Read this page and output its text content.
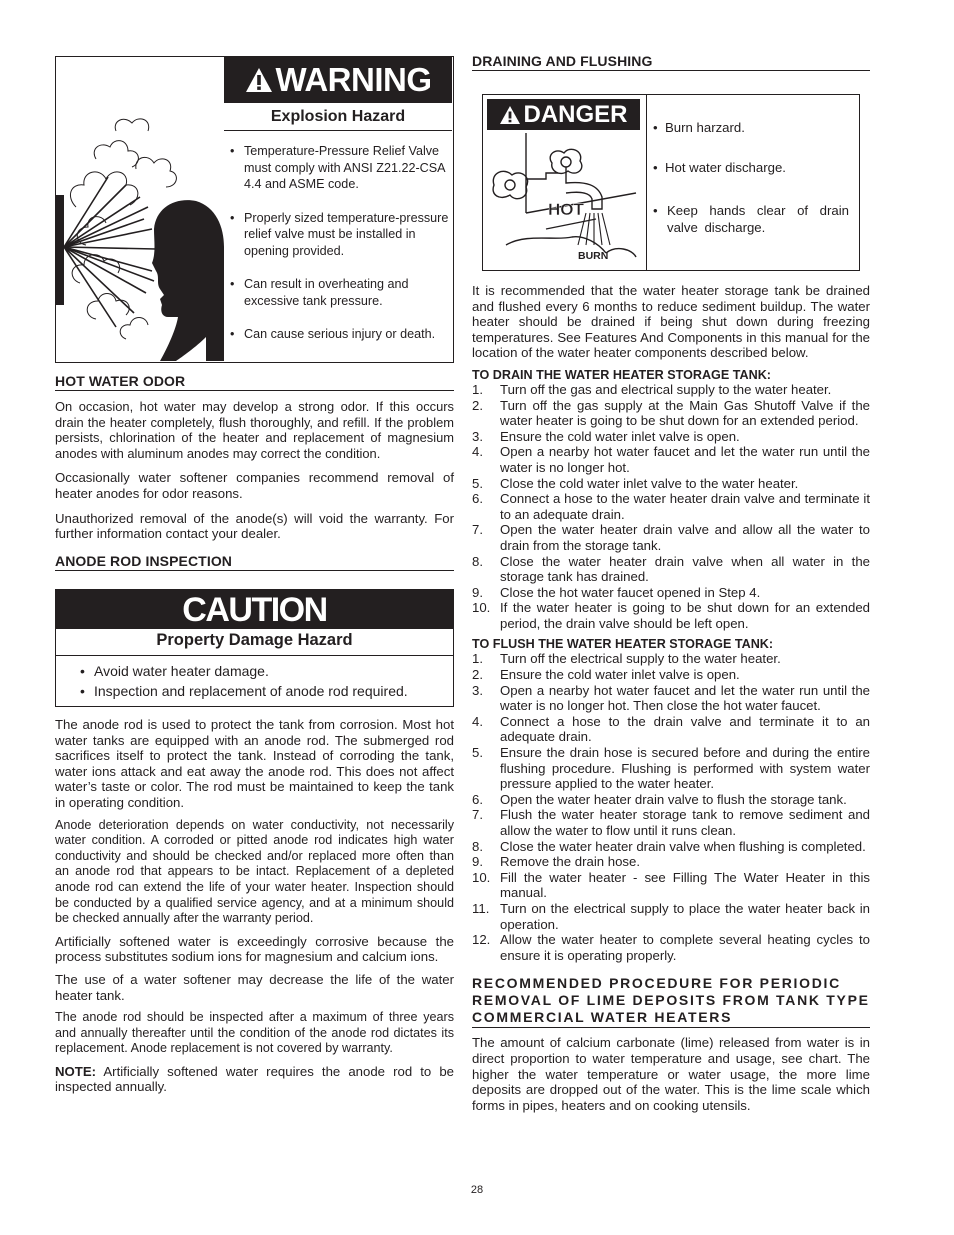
WARNING
Explosion Hazard
• Temperature-Pressure Relief Valve must comply with ANSI Z21.22-CSA 4.4 and ASME code.
• Properly sized temperature-pressure relief valve must be installed in opening provided.
• Can result in overheating and excessive tank pressure.
• Can cause serious injury or death.
HOT WATER ODOR

On occasion, hot water may develop a strong odor. If this occurs drain the heater completely, flush thoroughly, and refill. If the problem persists, chlorination of the heater and replacement of magnesium anodes with aluminum anodes may correct the condition.

Occasionally water softener companies recommend removal of heater anodes for odor reasons.

Unauthorized removal of the anode(s) will void the warranty. For further information contact your dealer.

ANODE ROD INSPECTION
CAUTION
Property Damage Hazard
• Avoid water heater damage.
• Inspection and replacement of anode rod required.

The anode rod is used to protect the tank from corrosion. Most hot water tanks are equipped with an anode rod. The submerged rod sacrifices itself to protect the tank. Instead of corroding the tank, water ions attack and eat away the anode rod. This does not affect water’s taste or color. The rod must be maintained to keep the tank in operating condition.

Anode deterioration depends on water conductivity, not necessarily water condition. A corroded or pitted anode rod indicates high water conductivity and should be checked and/or replaced more often than an anode rod that appears to be intact. Replacement of a depleted anode rod can extend the life of your water heater. Inspection should be conducted by a qualified service agency, and at a minimum should be checked annually after the warranty period.

Artificially softened water is exceedingly corrosive because the process substitutes sodium ions for magnesium and calcium ions.

The use of a water softener may decrease the life of the water heater tank.

The anode rod should be inspected after a maximum of three years and annually thereafter until the condition of the anode rod dictates its replacement. Anode replacement is not covered by warranty.

NOTE: Artificially softened water requires the anode rod to be inspected annually.

DRAINING AND FLUSHING
DANGER
HOT
BURN
• Burn harzard.
• Hot water discharge.
• Keep hands clear of drain valve discharge.

It is recommended that the water heater storage tank be drained and flushed every 6 months to reduce sediment buildup. The water heater should be drained if being shut down during freezing temperatures. See Features And Components in this manual for the location of the water heater components described below.

TO DRAIN THE WATER HEATER STORAGE TANK:
1. Turn off the gas and electrical supply to the water heater.
2. Turn off the gas supply at the Main Gas Shutoff Valve if the water heater is going to be shut down for an extended period.
3. Ensure the cold water inlet valve is open.
4. Open a nearby hot water faucet and let the water run until the water is no longer hot.
5. Close the cold water inlet valve to the water heater.
6. Connect a hose to the water heater drain valve and terminate it to an adequate drain.
7. Open the water heater drain valve and allow all the water to drain from the storage tank.
8. Close the water heater drain valve when all water in the storage tank has drained.
9. Close the hot water faucet opened in Step 4.
10. If the water heater is going to be shut down for an extended period, the drain valve should be left open.
TO FLUSH THE WATER HEATER STORAGE TANK:
1. Turn off the electrical supply to the water heater.
2. Ensure the cold water inlet valve is open.
3. Open a nearby hot water faucet and let the water run until the water is no longer hot. Then close the hot water faucet.
4. Connect a hose to the drain valve and terminate it to an adequate drain.
5. Ensure the drain hose is secured before and during the entire flushing procedure. Flushing is performed with system water pressure applied to the water heater.
6. Open the water heater drain valve to flush the storage tank.
7. Flush the water heater storage tank to remove sediment and allow the water to flow until it runs clean.
8. Close the water heater drain valve when flushing is completed.
9. Remove the drain hose.
10. Fill the water heater - see Filling The Water Heater in this manual.
11. Turn on the electrical supply to place the water heater back in operation.
12. Allow the water heater to complete several heating cycles to ensure it is operating properly.
RECOMMENDED PROCEDURE FOR PERIODIC REMOVAL OF LIME DEPOSITS FROM TANK TYPE COMMERCIAL WATER HEATERS

The amount of calcium carbonate (lime) released from water is in direct proportion to water temperature and usage, see chart. The higher the water temperature or water usage, the more lime deposits are dropped out of the water. This is the lime scale which forms in pipes, heaters and on cooking utensils.

28
